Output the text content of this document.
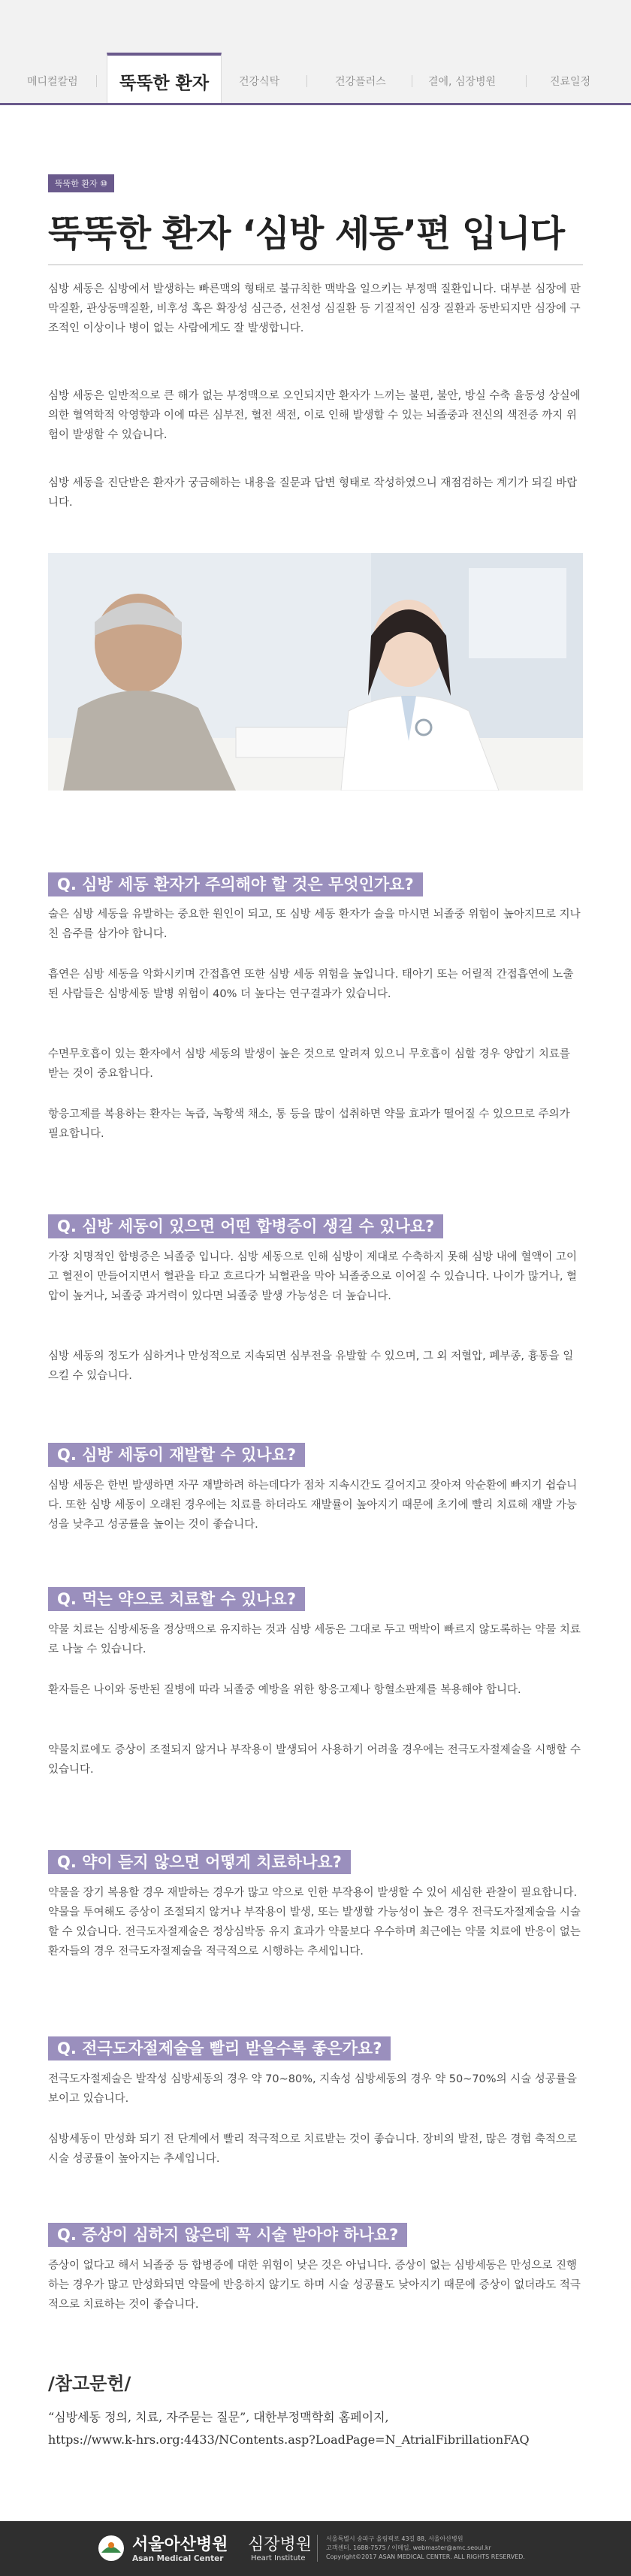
메디컬칼럼	뚝뚝한 환자	건강식탁	건강플러스	결에, 심장병원	진료일정
뚝뚝한 환자 ⑩
뚝뚝한 환자 ‘심방 세동’편 입니다
심방 세동은 심방에서 발생하는 빠른맥의 형태로 불규칙한 맥박을 일으키는 부정맥 질환입니다. 대부분 심장에 판막질환, 관상동맥질환, 비후성 혹은 확장성 심근증, 선천성 심질환 등 기질적인 심장 질환과 동반되지만 심장에 구조적인 이상이나 병이 없는 사람에게도 잘 발생합니다.
심방 세동은 일반적으로 큰 해가 없는 부정맥으로 오인되지만 환자가 느끼는 불편, 불안, 방실 수축 율동성 상실에 의한 혈역학적 악영향과 이에 따른 심부전, 혈전 색전, 이로 인해 발생할 수 있는 뇌졸중과 전신의 색전증 까지 위험이 발생할 수 있습니다.
심방 세동을 진단받은 환자가 궁금해하는 내용을 질문과 답변 형태로 작성하였으니 재점검하는 계기가 되길 바랍니다.
Q. 심방 세동 환자가 주의해야 할 것은 무엇인가요?
술은 심방 세동을 유발하는 중요한 원인이 되고, 또 심방 세동 환자가 술을 마시면 뇌졸중 위험이 높아지므로 지나친 음주를 삼가야 합니다.
흡연은 심방 세동을 악화시키며 간접흡연 또한 심방 세동 위험을 높입니다. 태아기 또는 어릴적 간접흡연에 노출된 사람들은 심방세동 발병 위험이 40% 더 높다는 연구결과가 있습니다.
수면무호흡이 있는 환자에서 심방 세동의 발생이 높은 것으로 알려져 있으니 무호흡이 심할 경우 양압기 치료를 받는 것이 중요합니다.
항응고제를 복용하는 환자는 녹즙, 녹황색 채소, 통 등을 많이 섭취하면 약물 효과가 떨어질 수 있으므로 주의가 필요합니다.
Q. 심방 세동이 있으면 어떤 합병증이 생길 수 있나요?
가장 치명적인 합병증은 뇌졸중 입니다. 심방 세동으로 인해 심방이 제대로 수축하지 못해 심방 내에 혈액이 고이고 혈전이 만들어지면서 혈관을 타고 흐르다가 뇌혈관을 막아 뇌졸중으로 이어질 수 있습니다. 나이가 많거나, 혈압이 높거나, 뇌졸중 과거력이 있다면 뇌졸중 발생 가능성은 더 높습니다.
심방 세동의 정도가 심하거나 만성적으로 지속되면 심부전을 유발할 수 있으며, 그 외 저혈압, 폐부종, 흉통을 일으킬 수 있습니다.
Q. 심방 세동이 재발할 수 있나요?
심방 세동은 한번 발생하면 자꾸 재발하려 하는데다가 점차 지속시간도 길어지고 잦아져 악순환에 빠지기 쉽습니다. 또한 심방 세동이 오래된 경우에는 치료를 하더라도 재발률이 높아지기 때문에 초기에 빨리 치료해 재발 가능성을 낮추고 성공률을 높이는 것이 좋습니다.
Q. 먹는 약으로 치료할 수 있나요?
약물 치료는 심방세동을 정상맥으로 유지하는 것과 심방 세동은 그대로 두고 맥박이 빠르지 않도록하는 약물 치료로 나눌 수 있습니다.
환자들은 나이와 동반된 질병에 따라 뇌졸중 예방을 위한 항응고제나 항혈소판제를 복용해야 합니다.
약물치료에도 증상이 조절되지 않거나 부작용이 발생되어 사용하기 어려울 경우에는 전극도자절제술을 시행할 수 있습니다.
Q. 약이 듣지 않으면 어떻게 치료하나요?
약물을 장기 복용할 경우 재발하는 경우가 많고 약으로 인한 부작용이 발생할 수 있어 세심한 관찰이 필요합니다. 약물을 투여해도 증상이 조절되지 않거나 부작용이 발생, 또는 발생할 가능성이 높은 경우 전극도자절제술을 시술할 수 있습니다. 전극도자절제술은 정상심박동 유지 효과가 약물보다 우수하며 최근에는 약물 치료에 반응이 없는 환자들의 경우 전극도자절제술을 적극적으로 시행하는 추세입니다.
Q. 전극도자절제술을 빨리 받을수록 좋은가요?
전극도자절제술은 발작성 심방세동의 경우 약 70~80%, 지속성 심방세동의 경우 약 50~70%의 시술 성공률을 보이고 있습니다.
심방세동이 만성화 되기 전 단계에서 빨리 적극적으로 치료받는 것이 좋습니다. 장비의 발전, 많은 경험 축적으로 시술 성공률이 높아지는 추세입니다.
Q. 증상이 심하지 않은데 꼭 시술 받아야 하나요?
증상이 없다고 해서 뇌졸중 등 합병증에 대한 위험이 낮은 것은 아닙니다. 증상이 없는 심방세동은 만성으로 진행하는 경우가 많고 만성화되면 약물에 반응하지 않기도 하며 시술 성공률도 낮아지기 때문에 증상이 없더라도 적극적으로 치료하는 것이 좋습니다.
/참고문헌/
“심방세동 정의, 치료, 자주묻는 질문”, 대한부정맥학회 홈페이지,
https://www.k-hrs.org:4433/NContents.asp?LoadPage=N_AtrialFibrillationFAQ
서울아산병원
Asan Medical Center
심장병원
Heart Institute
서울특별시 송파구 올림픽로 43길 88, 서울아산병원
고객센터. 1688-7575 / 이메일. webmaster@amc.seoul.kr
Copyright©2017 ASAN MEDICAL CENTER. ALL RIGHTS RESERVED.
